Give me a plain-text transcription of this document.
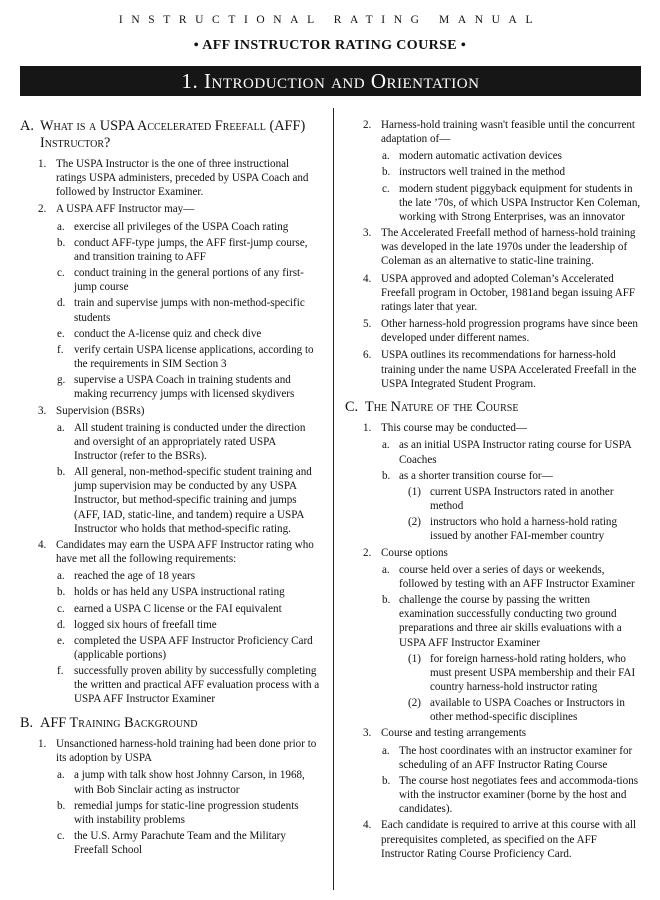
INSTRUCTIONAL RATING MANUAL
• AFF INSTRUCTOR RATING COURSE •
1. Introduction and Orientation
A. What is a USPA Accelerated Freefall (AFF) Instructor?
1. The USPA Instructor is the one of three instructional ratings USPA administers, preceded by USPA Coach and followed by Instructor Examiner.
2. A USPA AFF Instructor may—
a. exercise all privileges of the USPA Coach rating
b. conduct AFF-type jumps, the AFF first-jump course, and transition training to AFF
c. conduct training in the general portions of any first-jump course
d. train and supervise jumps with non-method-specific students
e. conduct the A-license quiz and check dive
f. verify certain USPA license applications, according to the requirements in SIM Section 3
g. supervise a USPA Coach in training students and making recurrency jumps with licensed skydivers
3. Supervision (BSRs)
a. All student training is conducted under the direction and oversight of an appropriately rated USPA Instructor (refer to the BSRs).
b. All general, non-method-specific student training and jump supervision may be conducted by any USPA Instructor, but method-specific training and jumps (AFF, IAD, static-line, and tandem) require a USPA Instructor who holds that method-specific rating.
4. Candidates may earn the USPA AFF Instructor rating who have met all the following requirements:
a. reached the age of 18 years
b. holds or has held any USPA instructional rating
c. earned a USPA C license or the FAI equivalent
d. logged six hours of freefall time
e. completed the USPA AFF Instructor Proficiency Card (applicable portions)
f. successfully proven ability by successfully completing the written and practical AFF evaluation process with a USPA AFF Instructor Examiner
B. AFF Training Background
1. Unsanctioned harness-hold training had been done prior to its adoption by USPA
a. a jump with talk show host Johnny Carson, in 1968, with Bob Sinclair acting as instructor
b. remedial jumps for static-line progression students with instability problems
c. the U.S. Army Parachute Team and the Military Freefall School
2. Harness-hold training wasn't feasible until the concurrent adaptation of—
a. modern automatic activation devices
b. instructors well trained in the method
c. modern student piggyback equipment for students in the late ’70s, of which USPA Instructor Ken Coleman, working with Strong Enterprises, was an innovator
3. The Accelerated Freefall method of harness-hold training was developed in the late 1970s under the leadership of Coleman as an alternative to static-line training.
4. USPA approved and adopted Coleman’s Accelerated Freefall program in October, 1981and began issuing AFF ratings later that year.
5. Other harness-hold progression programs have since been developed under different names.
6. USPA outlines its recommendations for harness-hold training under the name USPA Accelerated Freefall in the USPA Integrated Student Program.
C. The Nature of the Course
1. This course may be conducted—
a. as an initial USPA Instructor rating course for USPA Coaches
b. as a shorter transition course for—
(1) current USPA Instructors rated in another method
(2) instructors who hold a harness-hold rating issued by another FAI-member country
2. Course options
a. course held over a series of days or weekends, followed by testing with an AFF Instructor Examiner
b. challenge the course by passing the written examination successfully conducting two ground preparations and three air skills evaluations with a USPA AFF Instructor Examiner
(1) for foreign harness-hold rating holders, who must present USPA membership and their FAI country harness-hold instructor rating
(2) available to USPA Coaches or Instructors in other method-specific disciplines
3. Course and testing arrangements
a. The host coordinates with an instructor examiner for scheduling of an AFF Instructor Rating Course
b. The course host negotiates fees and accommoda-tions with the instructor examiner (borne by the host and candidates).
4. Each candidate is required to arrive at this course with all prerequisites completed, as specified on the AFF Instructor Rating Course Proficiency Card.
